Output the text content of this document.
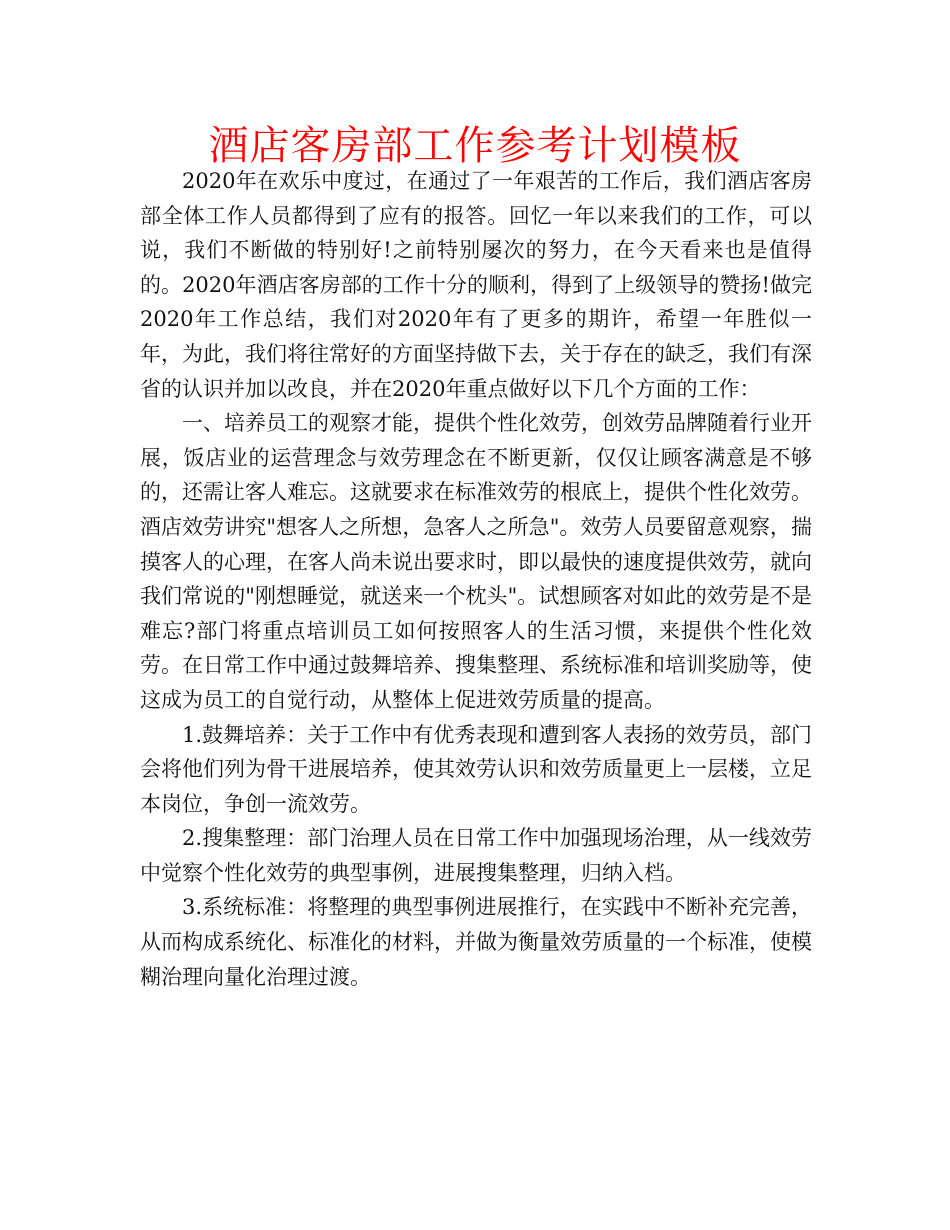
酒店客房部工作参考计划模板

2020年在欢乐中度过，在通过了一年艰苦的工作后，我们酒店客房部全体工作人员都得到了应有的报答。回忆一年以来我们的工作，可以说，我们不断做的特别好!之前特别屡次的努力，在今天看来也是值得的。2020年酒店客房部的工作十分的顺利，得到了上级领导的赞扬!做完2020年工作总结，我们对2020年有了更多的期许，希望一年胜似一年，为此，我们将往常好的方面坚持做下去，关于存在的缺乏，我们有深省的认识并加以改良，并在2020年重点做好以下几个方面的工作：

一、培养员工的观察才能，提供个性化效劳，创效劳品牌随着行业开展，饭店业的运营理念与效劳理念在不断更新，仅仅让顾客满意是不够的，还需让客人难忘。这就要求在标准效劳的根底上，提供个性化效劳。酒店效劳讲究"想客人之所想，急客人之所急"。效劳人员要留意观察，揣摸客人的心理，在客人尚未说出要求时，即以最快的速度提供效劳，就向我们常说的"刚想睡觉，就送来一个枕头"。试想顾客对如此的效劳是不是难忘?部门将重点培训员工如何按照客人的生活习惯，来提供个性化效劳。在日常工作中通过鼓舞培养、搜集整理、系统标准和培训奖励等，使这成为员工的自觉行动，从整体上促进效劳质量的提高。

1.鼓舞培养：关于工作中有优秀表现和遭到客人表扬的效劳员，部门会将他们列为骨干进展培养，使其效劳认识和效劳质量更上一层楼，立足本岗位，争创一流效劳。

2.搜集整理：部门治理人员在日常工作中加强现场治理，从一线效劳中觉察个性化效劳的典型事例，进展搜集整理，归纳入档。

3.系统标准：将整理的典型事例进展推行，在实践中不断补充完善，从而构成系统化、标准化的材料，并做为衡量效劳质量的一个标准，使模糊治理向量化治理过渡。
